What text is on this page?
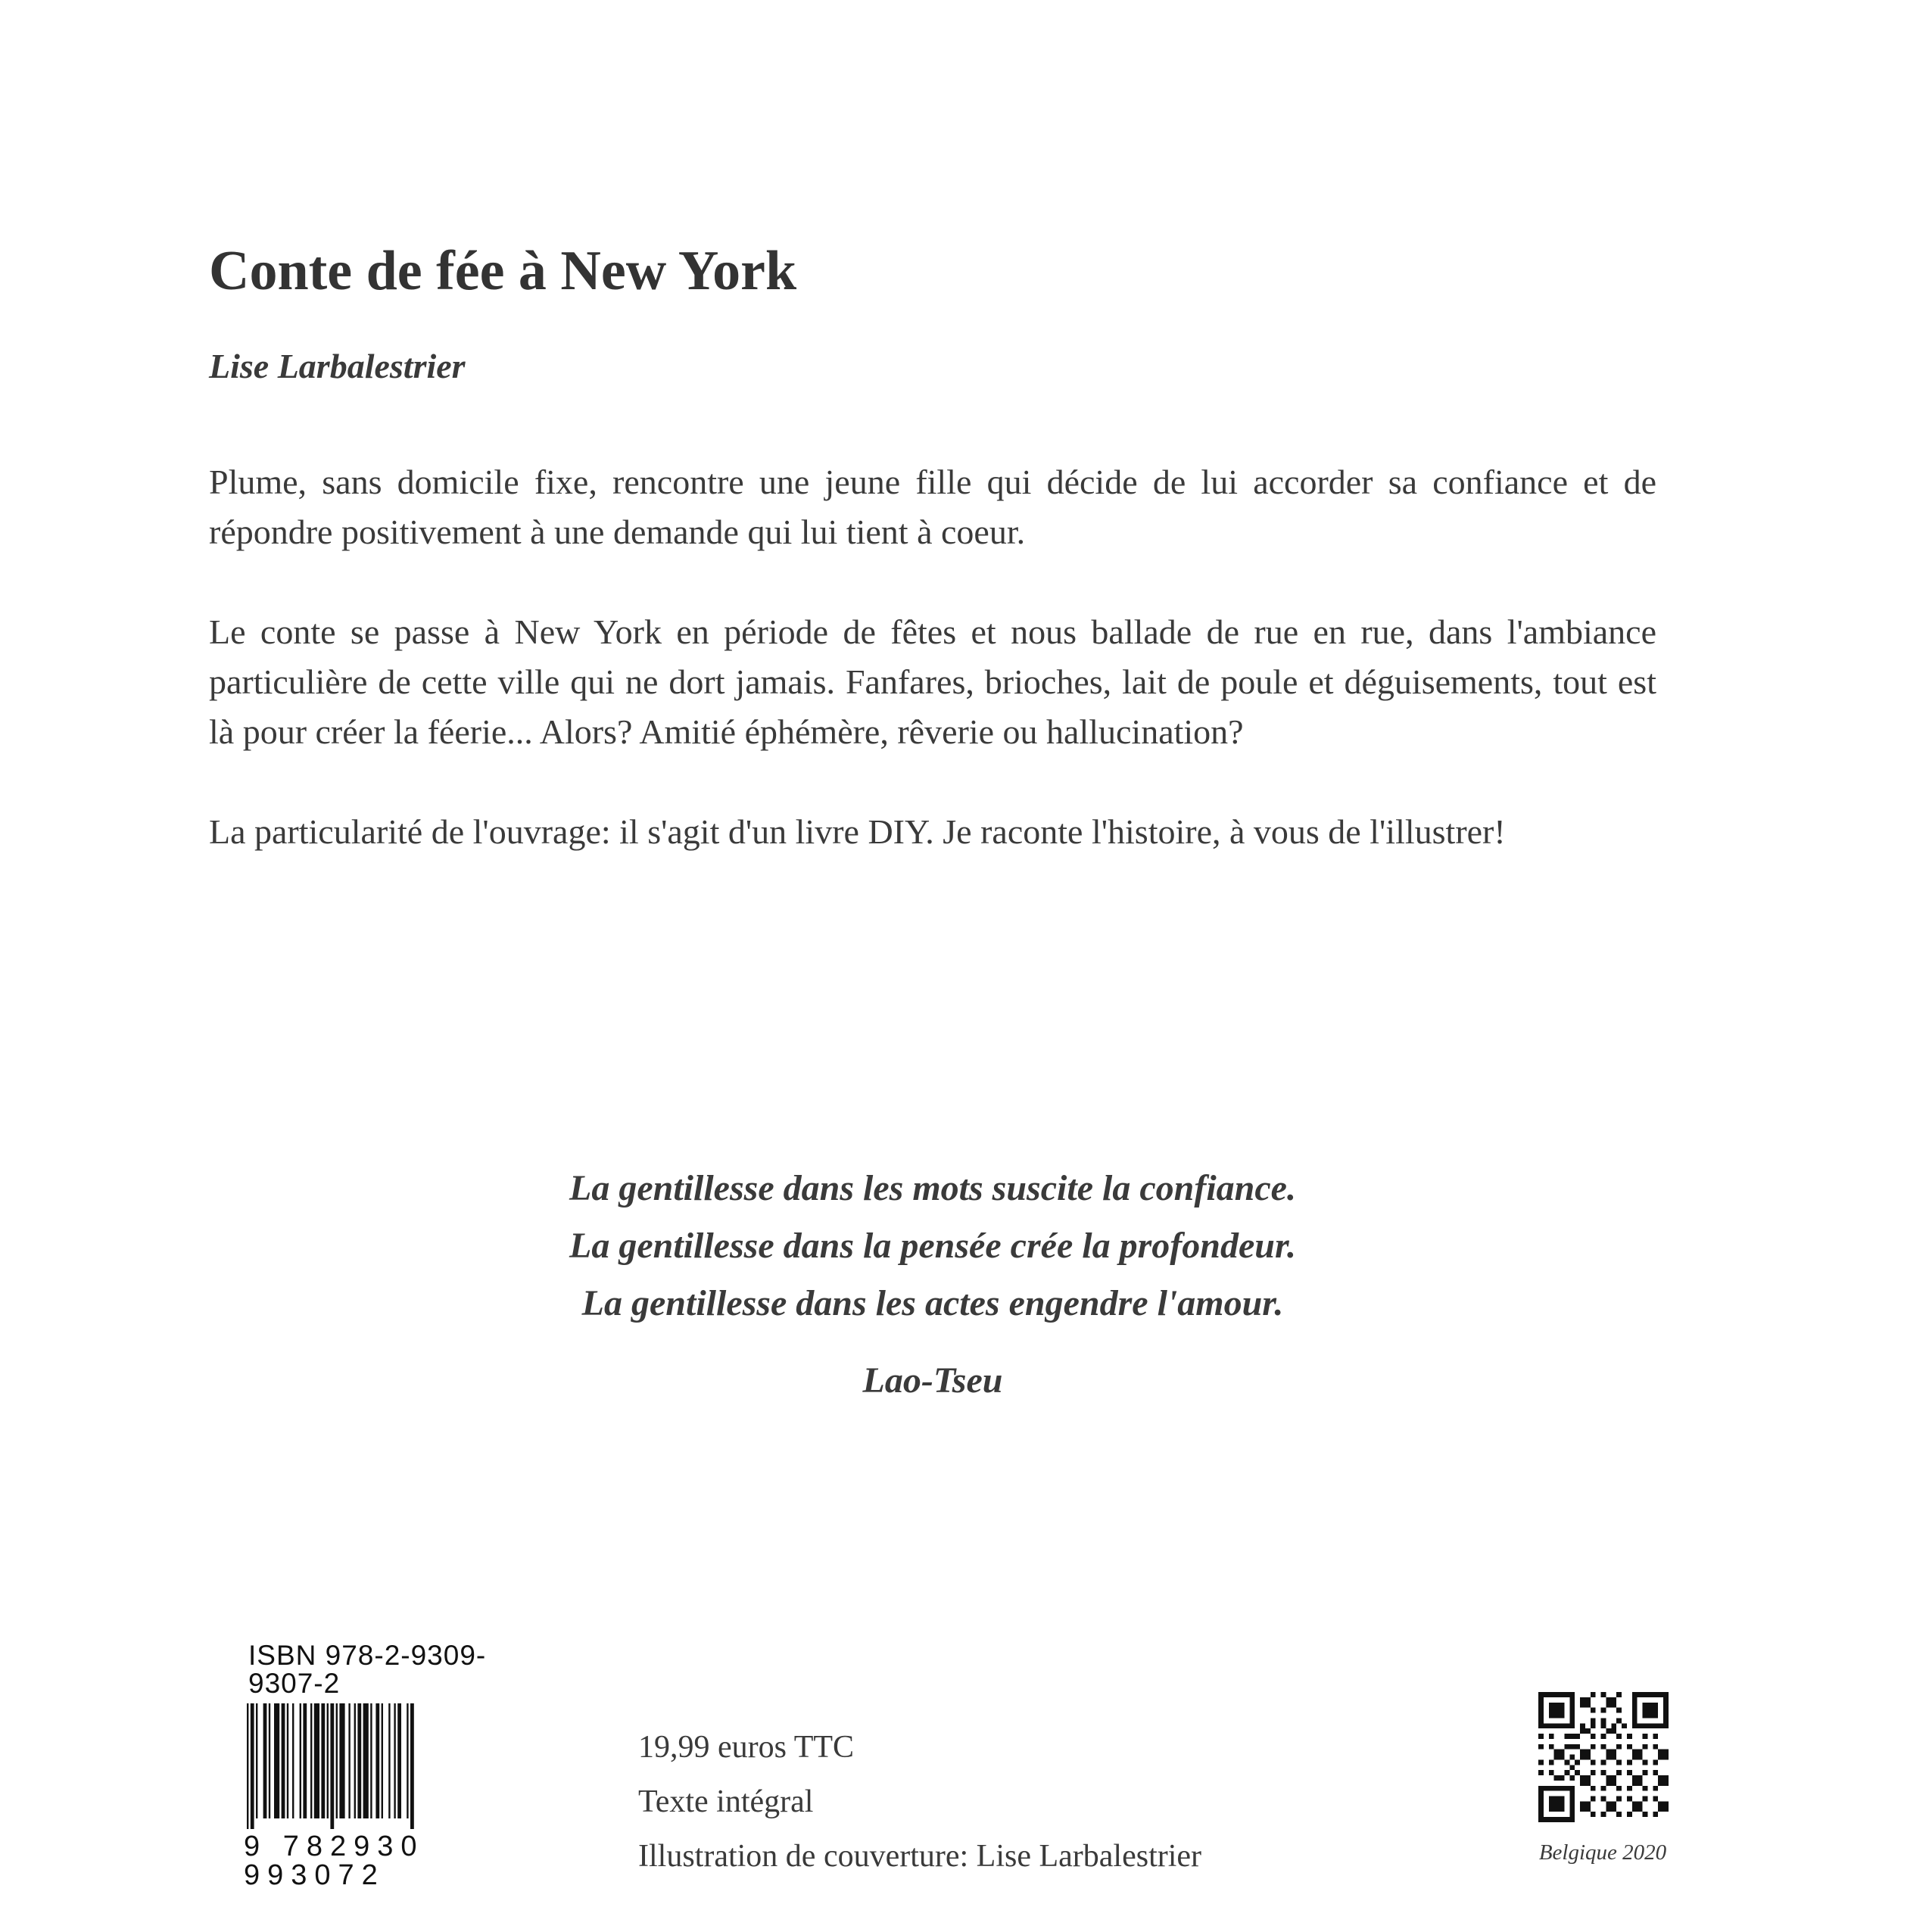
Conte de fée à New York
Lise Larbalestrier

Plume, sans domicile fixe, rencontre une jeune fille qui décide de lui accorder sa confiance et de répondre positivement à une demande qui lui tient à coeur.

Le conte se passe à New York en période de fêtes et nous ballade de rue en rue, dans l'ambiance particulière de cette ville qui ne dort jamais. Fanfares, brioches, lait de poule et déguisements, tout est là pour créer la féerie... Alors? Amitié éphémère, rêverie ou hallucination?

La particularité de l'ouvrage: il s'agit d'un livre DIY. Je raconte l'histoire, à vous de l'illustrer!

La gentillesse dans les mots suscite la confiance.
La gentillesse dans la pensée crée la profondeur.
La gentillesse dans les actes engendre l'amour.
Lao-Tseu
ISBN 978-2-9309-9307-2
9 782930 993072
19,99 euros TTC
Texte intégral
Illustration de couverture: Lise Larbalestrier	Belgique 2020
